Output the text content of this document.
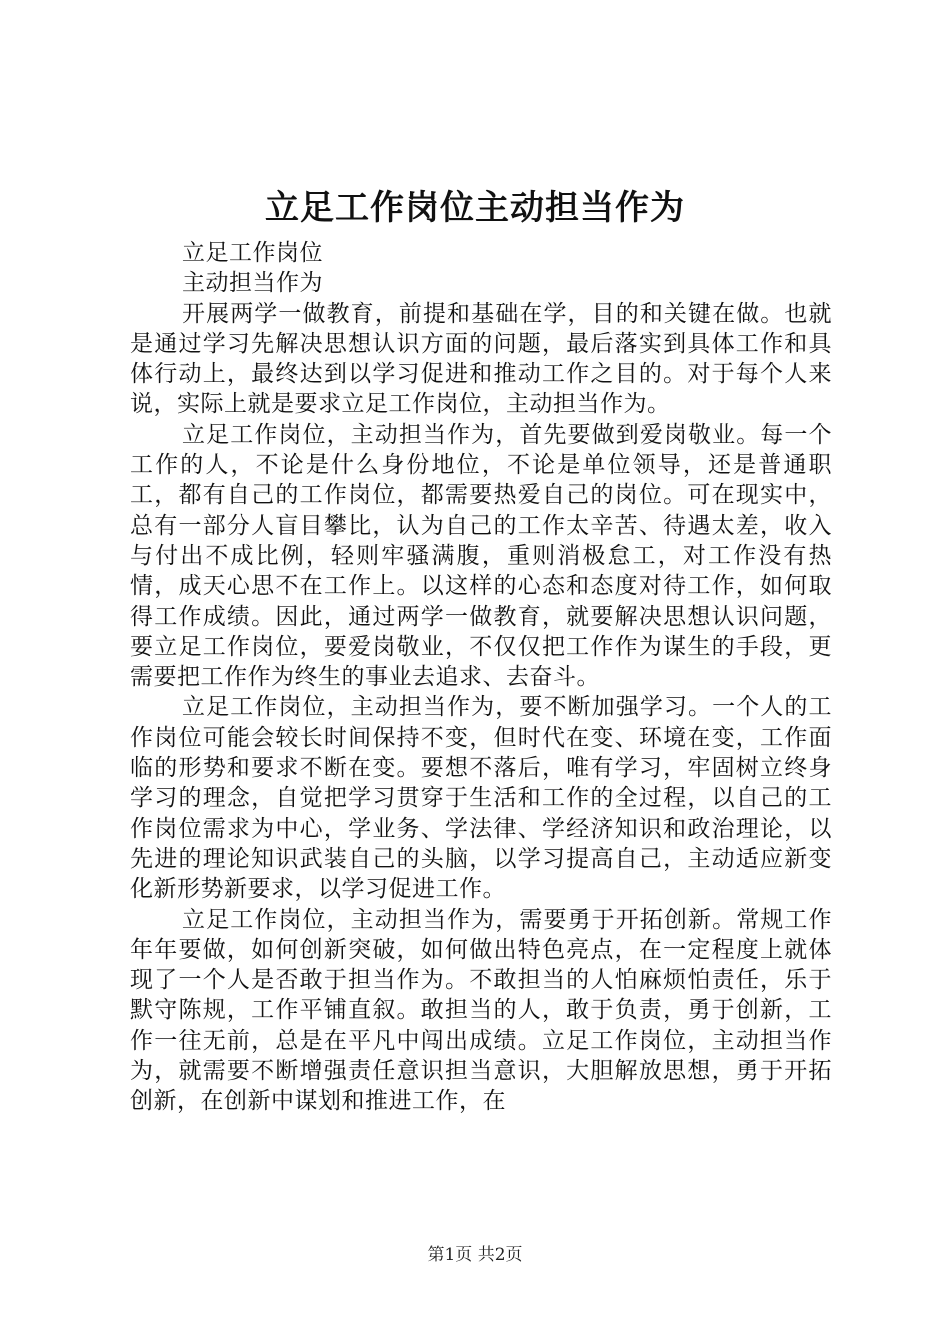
立足工作岗位主动担当作为
立足工作岗位
主动担当作为

开展两学一做教育，前提和基础在学，目的和关键在做。也就是通过学习先解决思想认识方面的问题，最后落实到具体工作和具体行动上，最终达到以学习促进和推动工作之目的。对于每个人来说，实际上就是要求立足工作岗位，主动担当作为。

立足工作岗位，主动担当作为，首先要做到爱岗敬业。每一个工作的人，不论是什么身份地位，不论是单位领导，还是普通职工，都有自己的工作岗位，都需要热爱自己的岗位。可在现实中，总有一部分人盲目攀比，认为自己的工作太辛苦、待遇太差，收入与付出不成比例，轻则牢骚满腹，重则消极怠工，对工作没有热情，成天心思不在工作上。以这样的心态和态度对待工作，如何取得工作成绩。因此，通过两学一做教育，就要解决思想认识问题，要立足工作岗位，要爱岗敬业，不仅仅把工作作为谋生的手段，更需要把工作作为终生的事业去追求、去奋斗。

立足工作岗位，主动担当作为，要不断加强学习。一个人的工作岗位可能会较长时间保持不变，但时代在变、环境在变，工作面临的形势和要求不断在变。要想不落后，唯有学习，牢固树立终身学习的理念，自觉把学习贯穿于生活和工作的全过程，以自己的工作岗位需求为中心，学业务、学法律、学经济知识和政治理论，以先进的理论知识武装自己的头脑，以学习提高自己，主动适应新变化新形势新要求，以学习促进工作。

立足工作岗位，主动担当作为，需要勇于开拓创新。常规工作年年要做，如何创新突破，如何做出特色亮点，在一定程度上就体现了一个人是否敢于担当作为。不敢担当的人怕麻烦怕责任，乐于默守陈规，工作平铺直叙。敢担当的人，敢于负责，勇于创新，工作一往无前，总是在平凡中闯出成绩。立足工作岗位，主动担当作为，就需要不断增强责任意识担当意识，大胆解放思想，勇于开拓创新，在创新中谋划和推进工作，在

第1页 共2页
